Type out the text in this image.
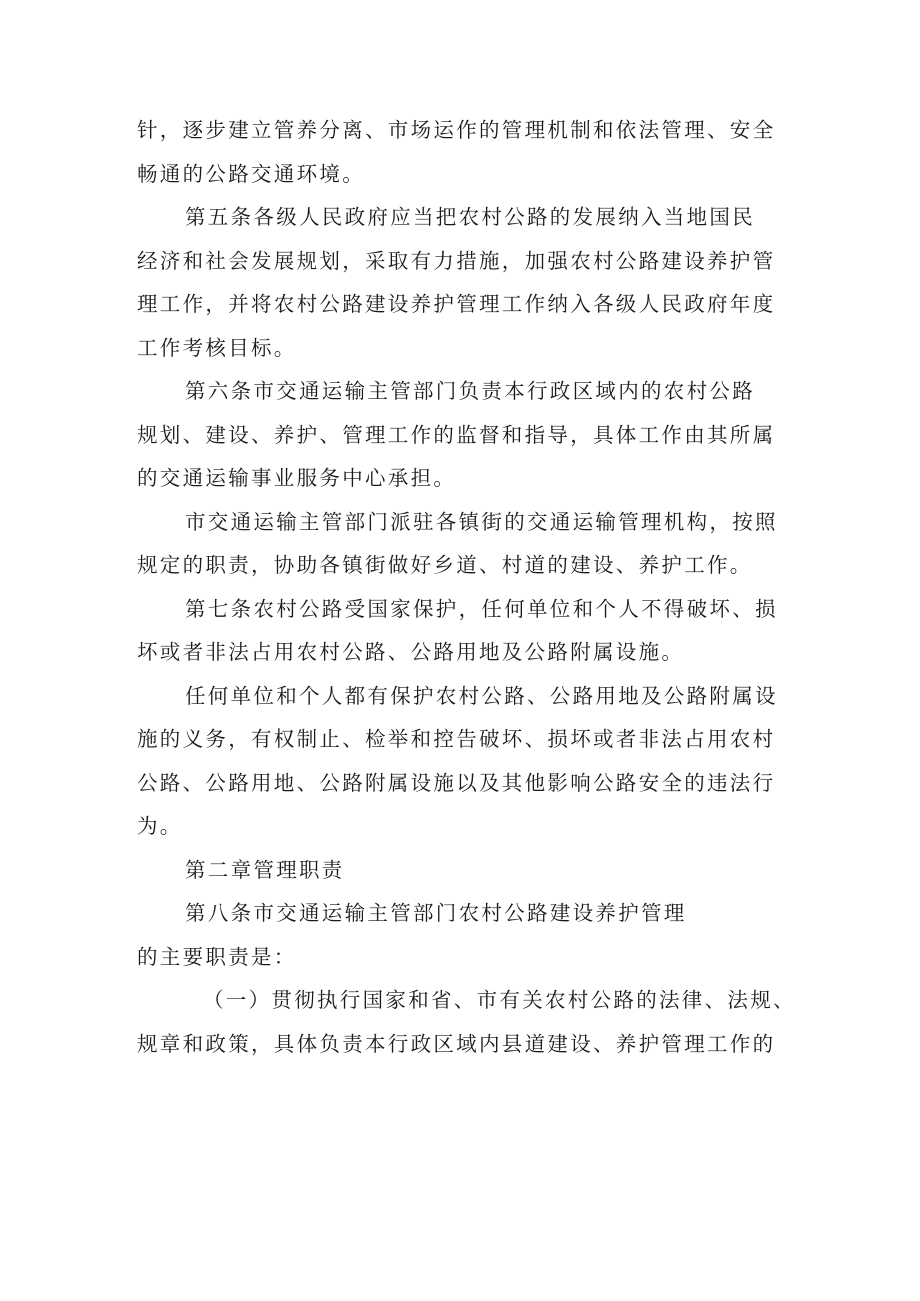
针，逐步建立管养分离、市场运作的管理机制和依法管理、安全
畅通的公路交通环境。
第五条各级人民政府应当把农村公路的发展纳入当地国民
经济和社会发展规划，采取有力措施，加强农村公路建设养护管
理工作，并将农村公路建设养护管理工作纳入各级人民政府年度
工作考核目标。
第六条市交通运输主管部门负责本行政区域内的农村公路
规划、建设、养护、管理工作的监督和指导，具体工作由其所属
的交通运输事业服务中心承担。
市交通运输主管部门派驻各镇街的交通运输管理机构，按照
规定的职责，协助各镇街做好乡道、村道的建设、养护工作。
第七条农村公路受国家保护，任何单位和个人不得破坏、损
坏或者非法占用农村公路、公路用地及公路附属设施。
任何单位和个人都有保护农村公路、公路用地及公路附属设
施的义务，有权制止、检举和控告破坏、损坏或者非法占用农村
公路、公路用地、公路附属设施以及其他影响公路安全的违法行
为。
第二章管理职责
第八条市交通运输主管部门农村公路建设养护管理
的主要职责是：
（一）贯彻执行国家和省、市有关农村公路的法律、法规、
规章和政策，具体负责本行政区域内县道建设、养护管理工作的
